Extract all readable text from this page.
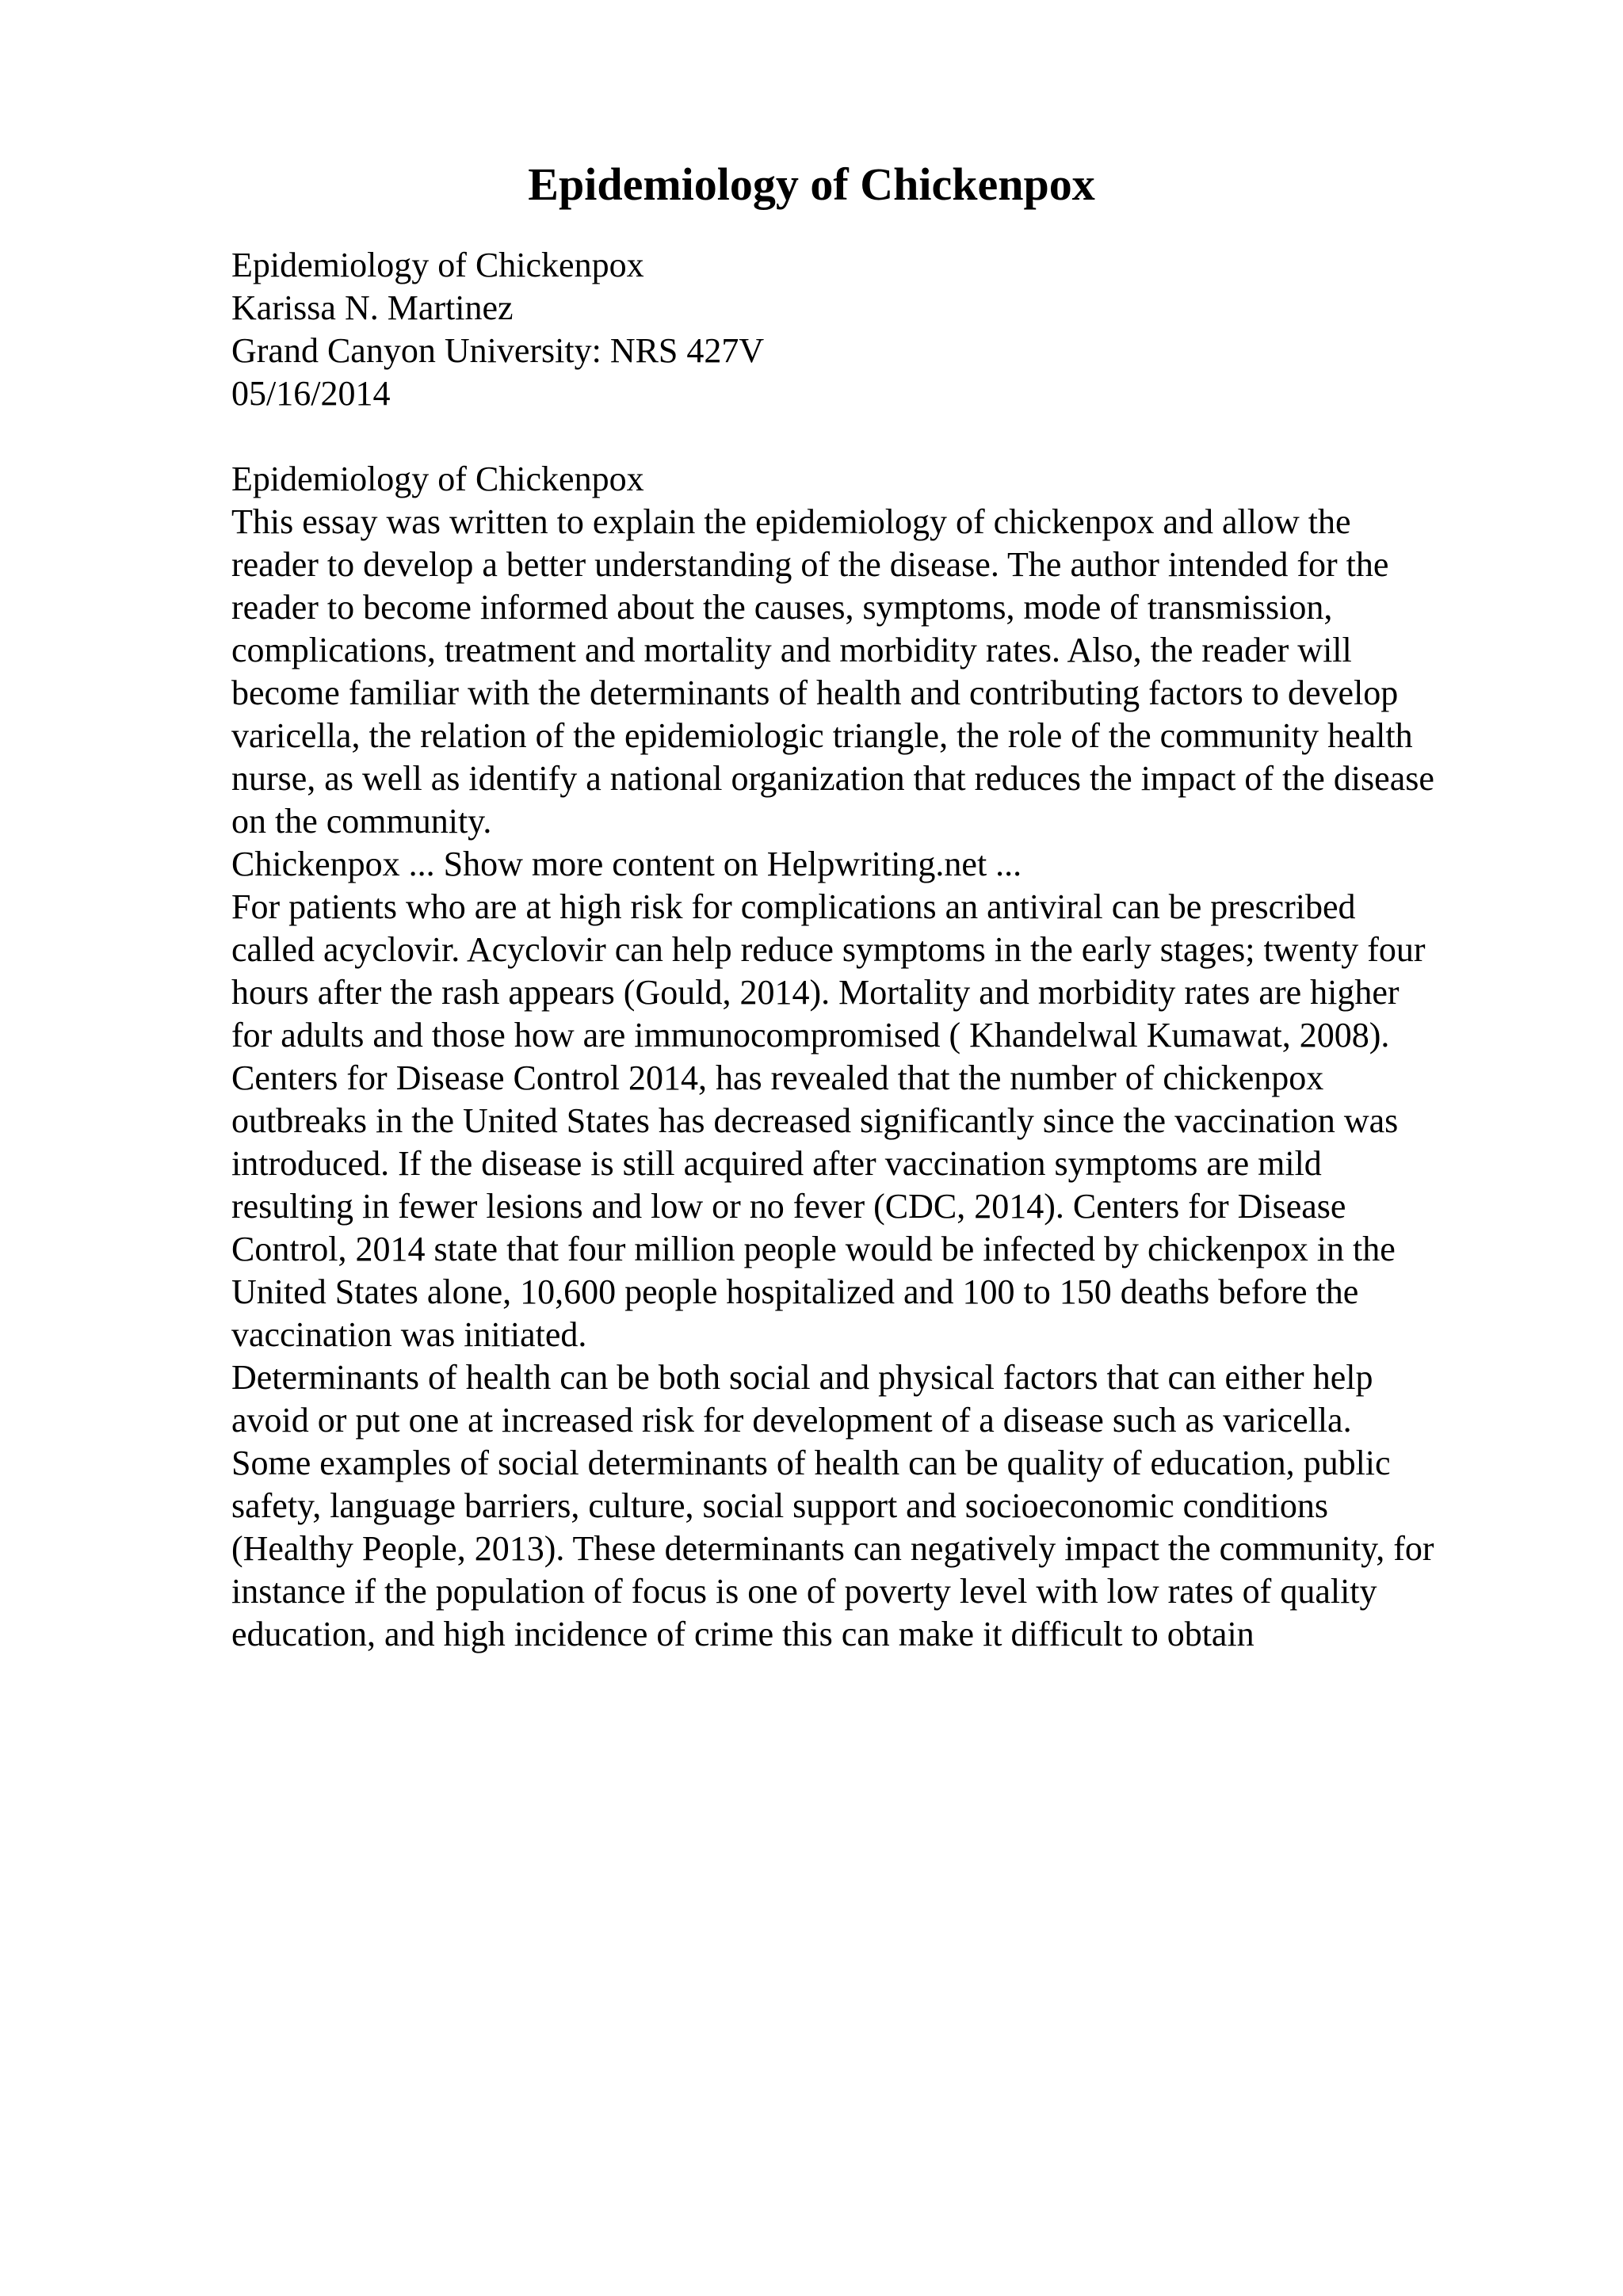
Epidemiology of Chickenpox
Epidemiology of Chickenpox
Karissa N. Martinez
Grand Canyon University: NRS 427V
05/16/2014
Epidemiology of Chickenpox
This essay was written to explain the epidemiology of chickenpox and allow the
reader to develop a better understanding of the disease. The author intended for the
reader to become informed about the causes, symptoms, mode of transmission,
complications, treatment and mortality and morbidity rates. Also, the reader will
become familiar with the determinants of health and contributing factors to develop
varicella, the relation of the epidemiologic triangle, the role of the community health
nurse, as well as identify a national organization that reduces the impact of the disease
on the community.
Chickenpox ... Show more content on Helpwriting.net ...
For patients who are at high risk for complications an antiviral can be prescribed
called acyclovir. Acyclovir can help reduce symptoms in the early stages; twenty four
hours after the rash appears (Gould, 2014). Mortality and morbidity rates are higher
for adults and those how are immunocompromised ( Khandelwal Kumawat, 2008).
Centers for Disease Control 2014, has revealed that the number of chickenpox
outbreaks in the United States has decreased significantly since the vaccination was
introduced. If the disease is still acquired after vaccination symptoms are mild
resulting in fewer lesions and low or no fever (CDC, 2014). Centers for Disease
Control, 2014 state that four million people would be infected by chickenpox in the
United States alone, 10,600 people hospitalized and 100 to 150 deaths before the
vaccination was initiated.
Determinants of health can be both social and physical factors that can either help
avoid or put one at increased risk for development of a disease such as varicella.
Some examples of social determinants of health can be quality of education, public
safety, language barriers, culture, social support and socioeconomic conditions
(Healthy People, 2013). These determinants can negatively impact the community, for
instance if the population of focus is one of poverty level with low rates of quality
education, and high incidence of crime this can make it difficult to obtain
